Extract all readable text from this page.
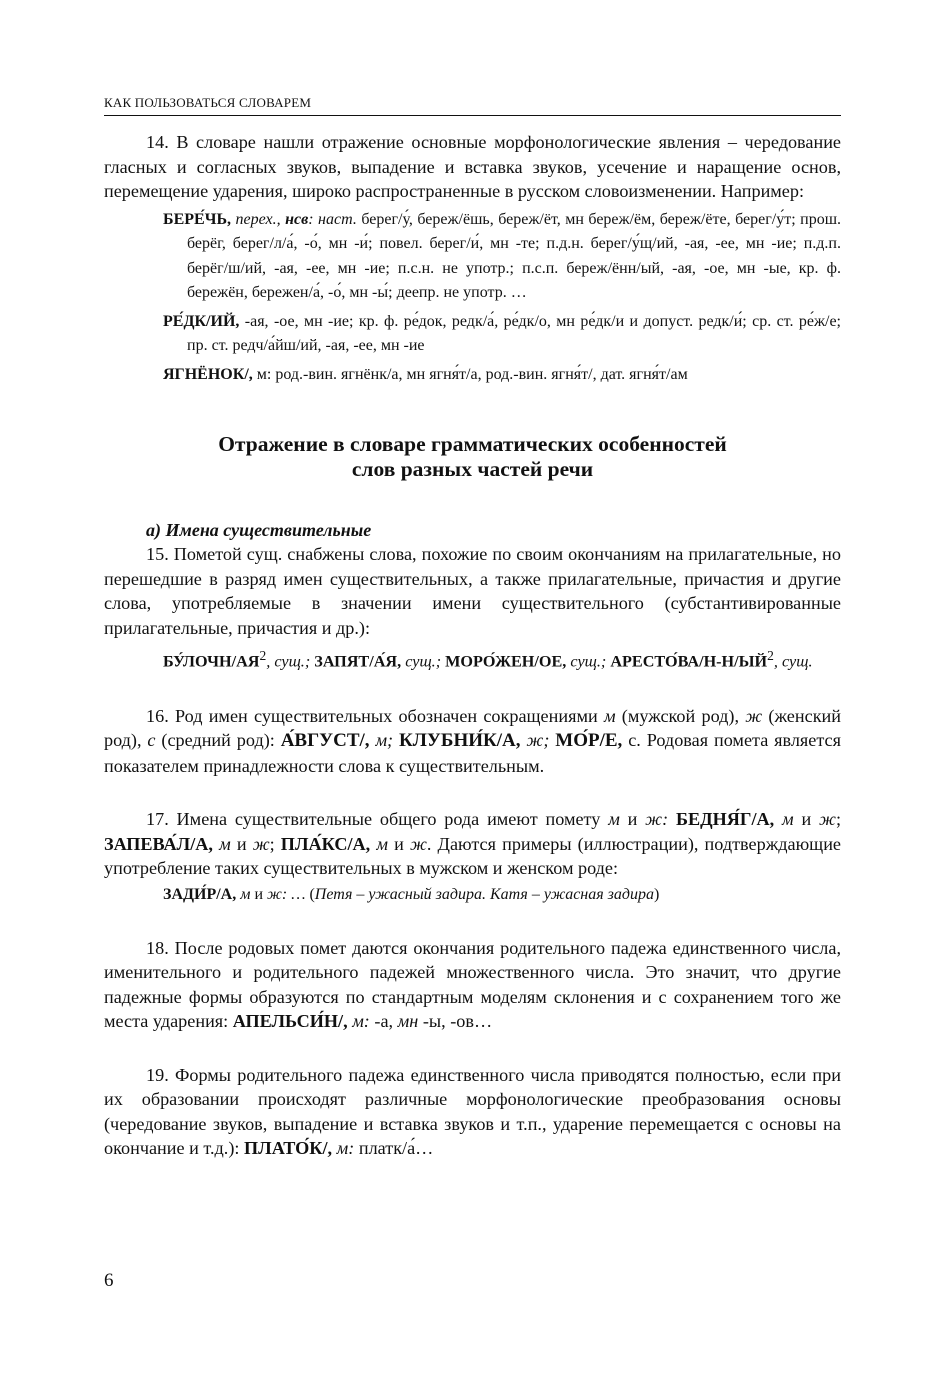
КАК ПОЛЬЗОВАТЬСЯ СЛОВАРЕМ

14. В словаре нашли отражение основные морфонологические явления – чередование гласных и согласных звуков, выпадение и вставка звуков, усечение и наращение основ, перемещение ударения, широко распространенные в русском словоизменении. Например:

БЕРЕ́ЧЬ, перех., нсв: наст. берег/у́, береж/ёшь, береж/ёт, мн береж/ём, береж/ёте, берег/у́т; прош. берёг, берег/л/а́, -о́, мн -и́; повел. берег/и́, мн -те; п.д.н. берег/у́щ/ий, -ая, -ее, мн -ие; п.д.п. берёг/ш/ий, -ая, -ее, мн -ие; п.с.н. не употр.; п.с.п. береж/ённ/ый, -ая, -ое, мн -ые, кр. ф. бережён, бережен/а́, -о́, мн -ы́; деепр. не употр. …

РЕ́ДК/ИЙ, -ая, -ое, мн -ие; кр. ф. ре́док, редк/а́, ре́дк/о, мн ре́дк/и и допуст. редк/и́; ср. ст. ре́ж/е; пр. ст. редч/а́йш/ий, -ая, -ее, мн -ие

ЯГНЁНОК/, м: род.-вин. ягнёнк/а, мн ягня́т/а, род.-вин. ягня́т/, дат. ягня́т/ам

Отражение в словаре грамматических особенностей
слов разных частей речи
а) Имена существительные

15. Пометой сущ. снабжены слова, похожие по своим окончаниям на прилагательные, но перешедшие в разряд имен существительных, а также прилагательные, причастия и другие слова, употребляемые в значении имени существительного (субстантивированные прилагательные, причастия и др.):

$БУ́ЛОЧН/АЯ^2$, сущ.; ЗАПЯТ/А́Я, сущ.; МОРО́ЖЕН/ОЕ, сущ.; $АРЕСТО́ВА/Н-Н/ЫЙ^2$, сущ.

16. Род имен существительных обозначен сокращениями м (мужской род), ж (женский род), с (средний род): А́ВГУСТ/, м; КЛУБНИ́К/А, ж; МО́Р/Е, с. Родовая помета является показателем принадлежности слова к существительным.

17. Имена существительные общего рода имеют помету м и ж: БЕДНЯ́Г/А, м и ж; ЗАПЕВА́Л/А, м и ж; ПЛА́КС/А, м и ж. Даются примеры (иллюстрации), подтверждающие употребление таких существительных в мужском и женском роде:

ЗАДИ́Р/А, м и ж: … (Петя – ужасный задира. Катя – ужасная задира)

18. После родовых помет даются окончания родительного падежа единственного числа, именительного и родительного падежей множественного числа. Это значит, что другие падежные формы образуются по стандартным моделям склонения и с сохранением того же места ударения: АПЕЛЬСИ́Н/, м: -а, мн -ы, -ов…

19. Формы родительного падежа единственного числа приводятся полностью, если при их образовании происходят различные морфонологические преобразования основы (чередование звуков, выпадение и вставка звуков и т.п., ударение перемещается с основы на окончание и т.д.): ПЛАТО́К/, м: платк/а́…

6
